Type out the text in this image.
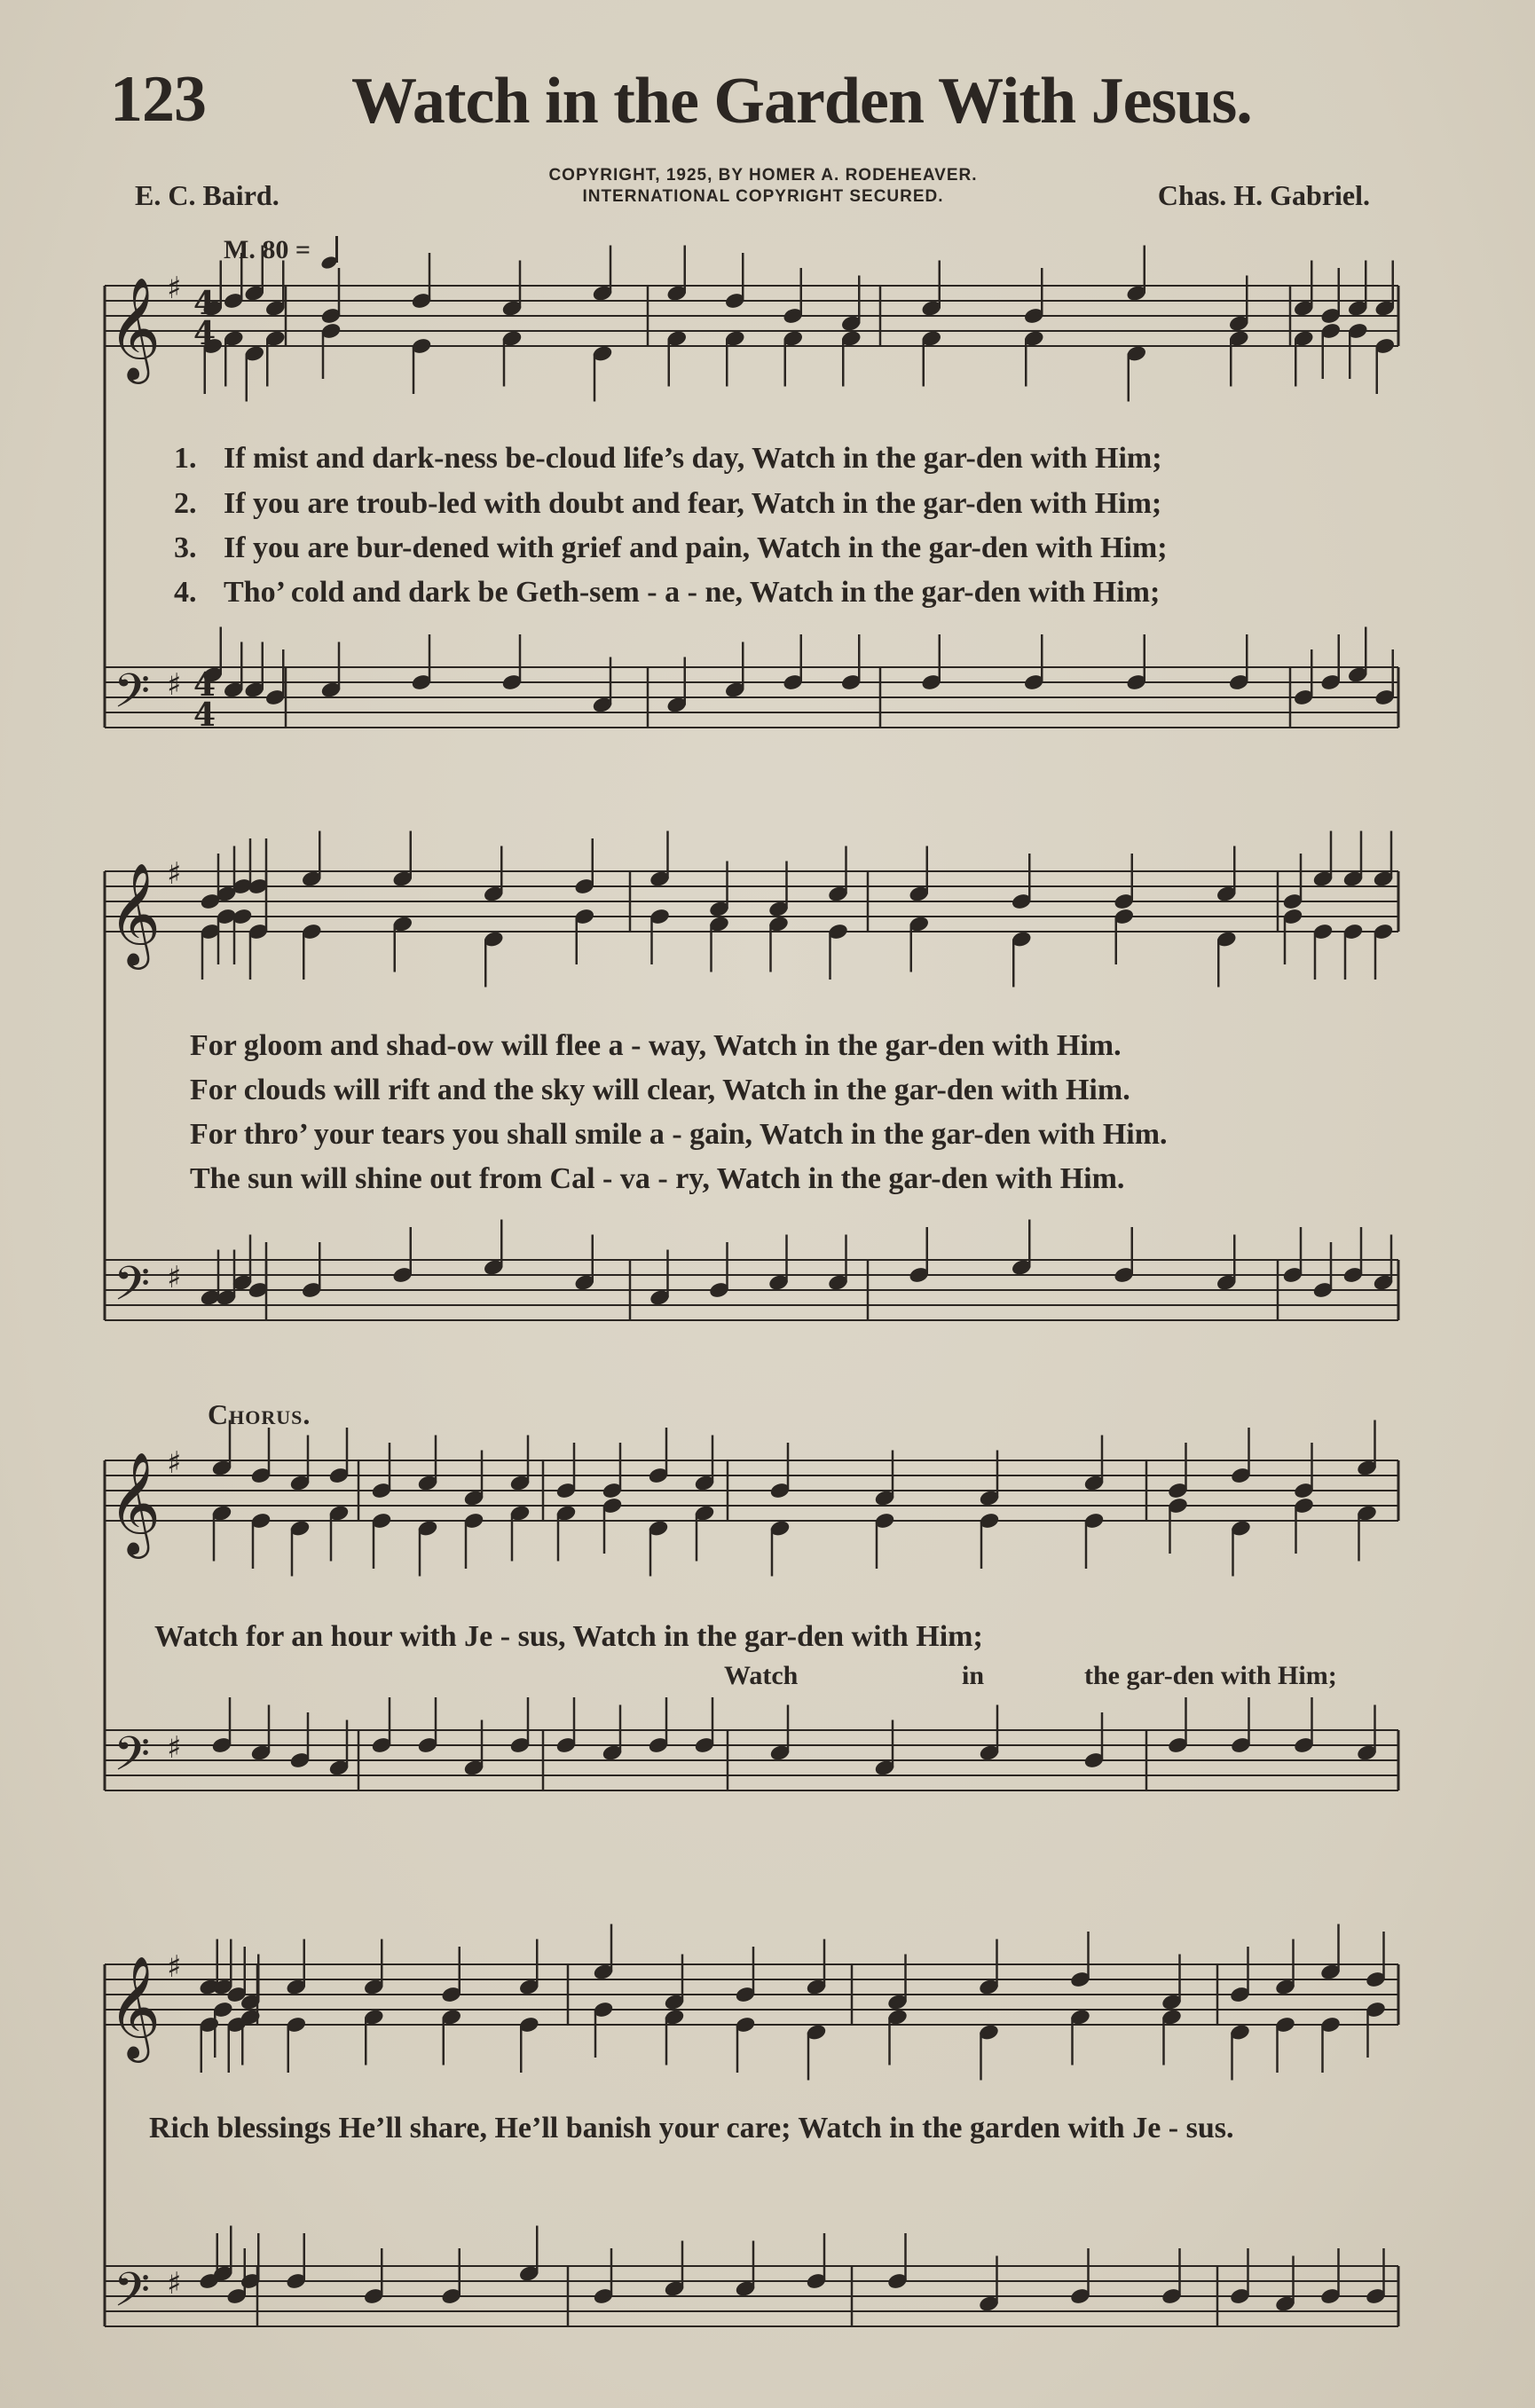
123 Watch in the Garden With Jesus.
E. C. Baird.
COPYRIGHT, 1925, BY HOMER A. RODEHEAVER.
INTERNATIONAL COPYRIGHT SECURED.	Chas. H. Gabriel.
M. 80 =
𝄞
𝄢
♯
♯
4
4
4
4
𝄞
𝄢
♯
♯
𝄞
𝄢
♯
♯
𝄞
𝄢
♯
♯
1. If mist and dark-ness be-cloud life’s day, Watch in the gar-den with Him;
2. If you are troub-led with doubt and fear, Watch in the gar-den with Him;
3. If you are bur-dened with grief and pain, Watch in the gar-den with Him;
4. Tho’ cold and dark be Geth-sem - a - ne, Watch in the gar-den with Him;
For gloom and shad-ow will flee a - way, Watch in the gar-den with Him.
For clouds will rift and the sky will clear, Watch in the gar-den with Him.
For thro’ your tears you shall smile a - gain, Watch in the gar-den with Him.
The sun will shine out from Cal - va - ry, Watch in the gar-den with Him.
Chorus.
Watch for an hour with Je - sus, Watch in the gar-den with Him;
Watch	in	the gar-den with Him;
Rich blessings He’ll share, He’ll banish your care; Watch in the garden with Je - sus.
